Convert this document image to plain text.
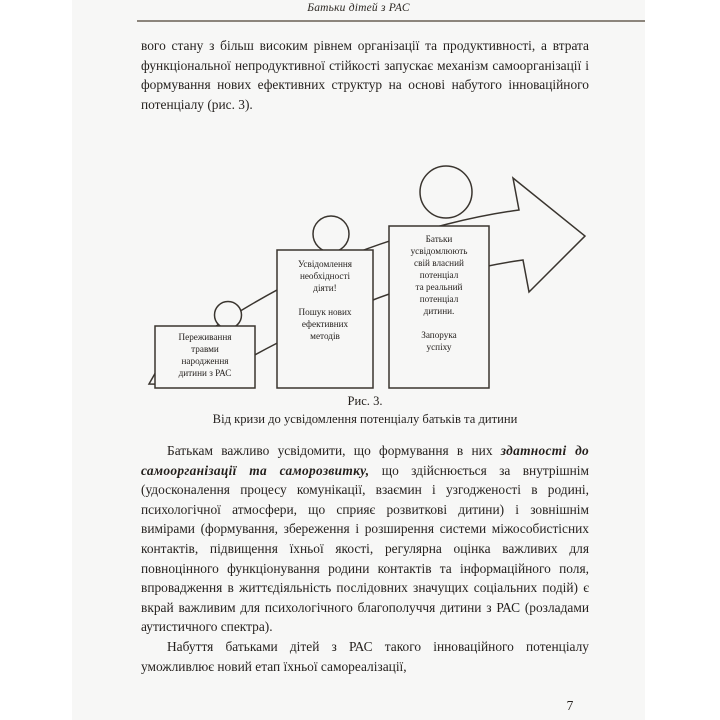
Батьки дітей з РАС

вого стану з більш високим рівнем організації та продуктивності, а втрата функціональної непродуктивної стійкості запускає механізм самоорганізації і формування нових ефективних структур на основі набутого інноваційного потенціалу (рис. 3).

Переживання
травми
народження
дитини з РАС
Усвідомлення
необхідності
діяти!
Пошук нових
ефективних
методів
Батьки
усвідомлюють
свій власний
потенціал
та реальний
потенціал
дитини.
Запорука
успіху
Рис. 3.
Від кризи до усвідомлення потенціалу батьків та дитини

Батькам важливо усвідомити, що формування в них здатності до самоорганізації та саморозвитку, що здійснюється за внутрішнім (удосконалення процесу комунікації, взаємин і узгодженості в родині, психологічної атмосфери, що сприяє розвиткові дитини) і зовнішнім вимірами (формування, збереження і розширення системи міжособистісних контактів, підвищення їхньої якості, регулярна оцінка важливих для повноцінного функціонування родини контактів та інформаційного поля, впровадження в життєдіяльність послідовних значущих соціальних подій) є вкрай важливим для психологічного благополуччя дитини з РАС (розладами аутистичного спектра).

Набуття батьками дітей з РАС такого інноваційного потенціалу уможливлює новий етап їхньої самореалізації,

7
